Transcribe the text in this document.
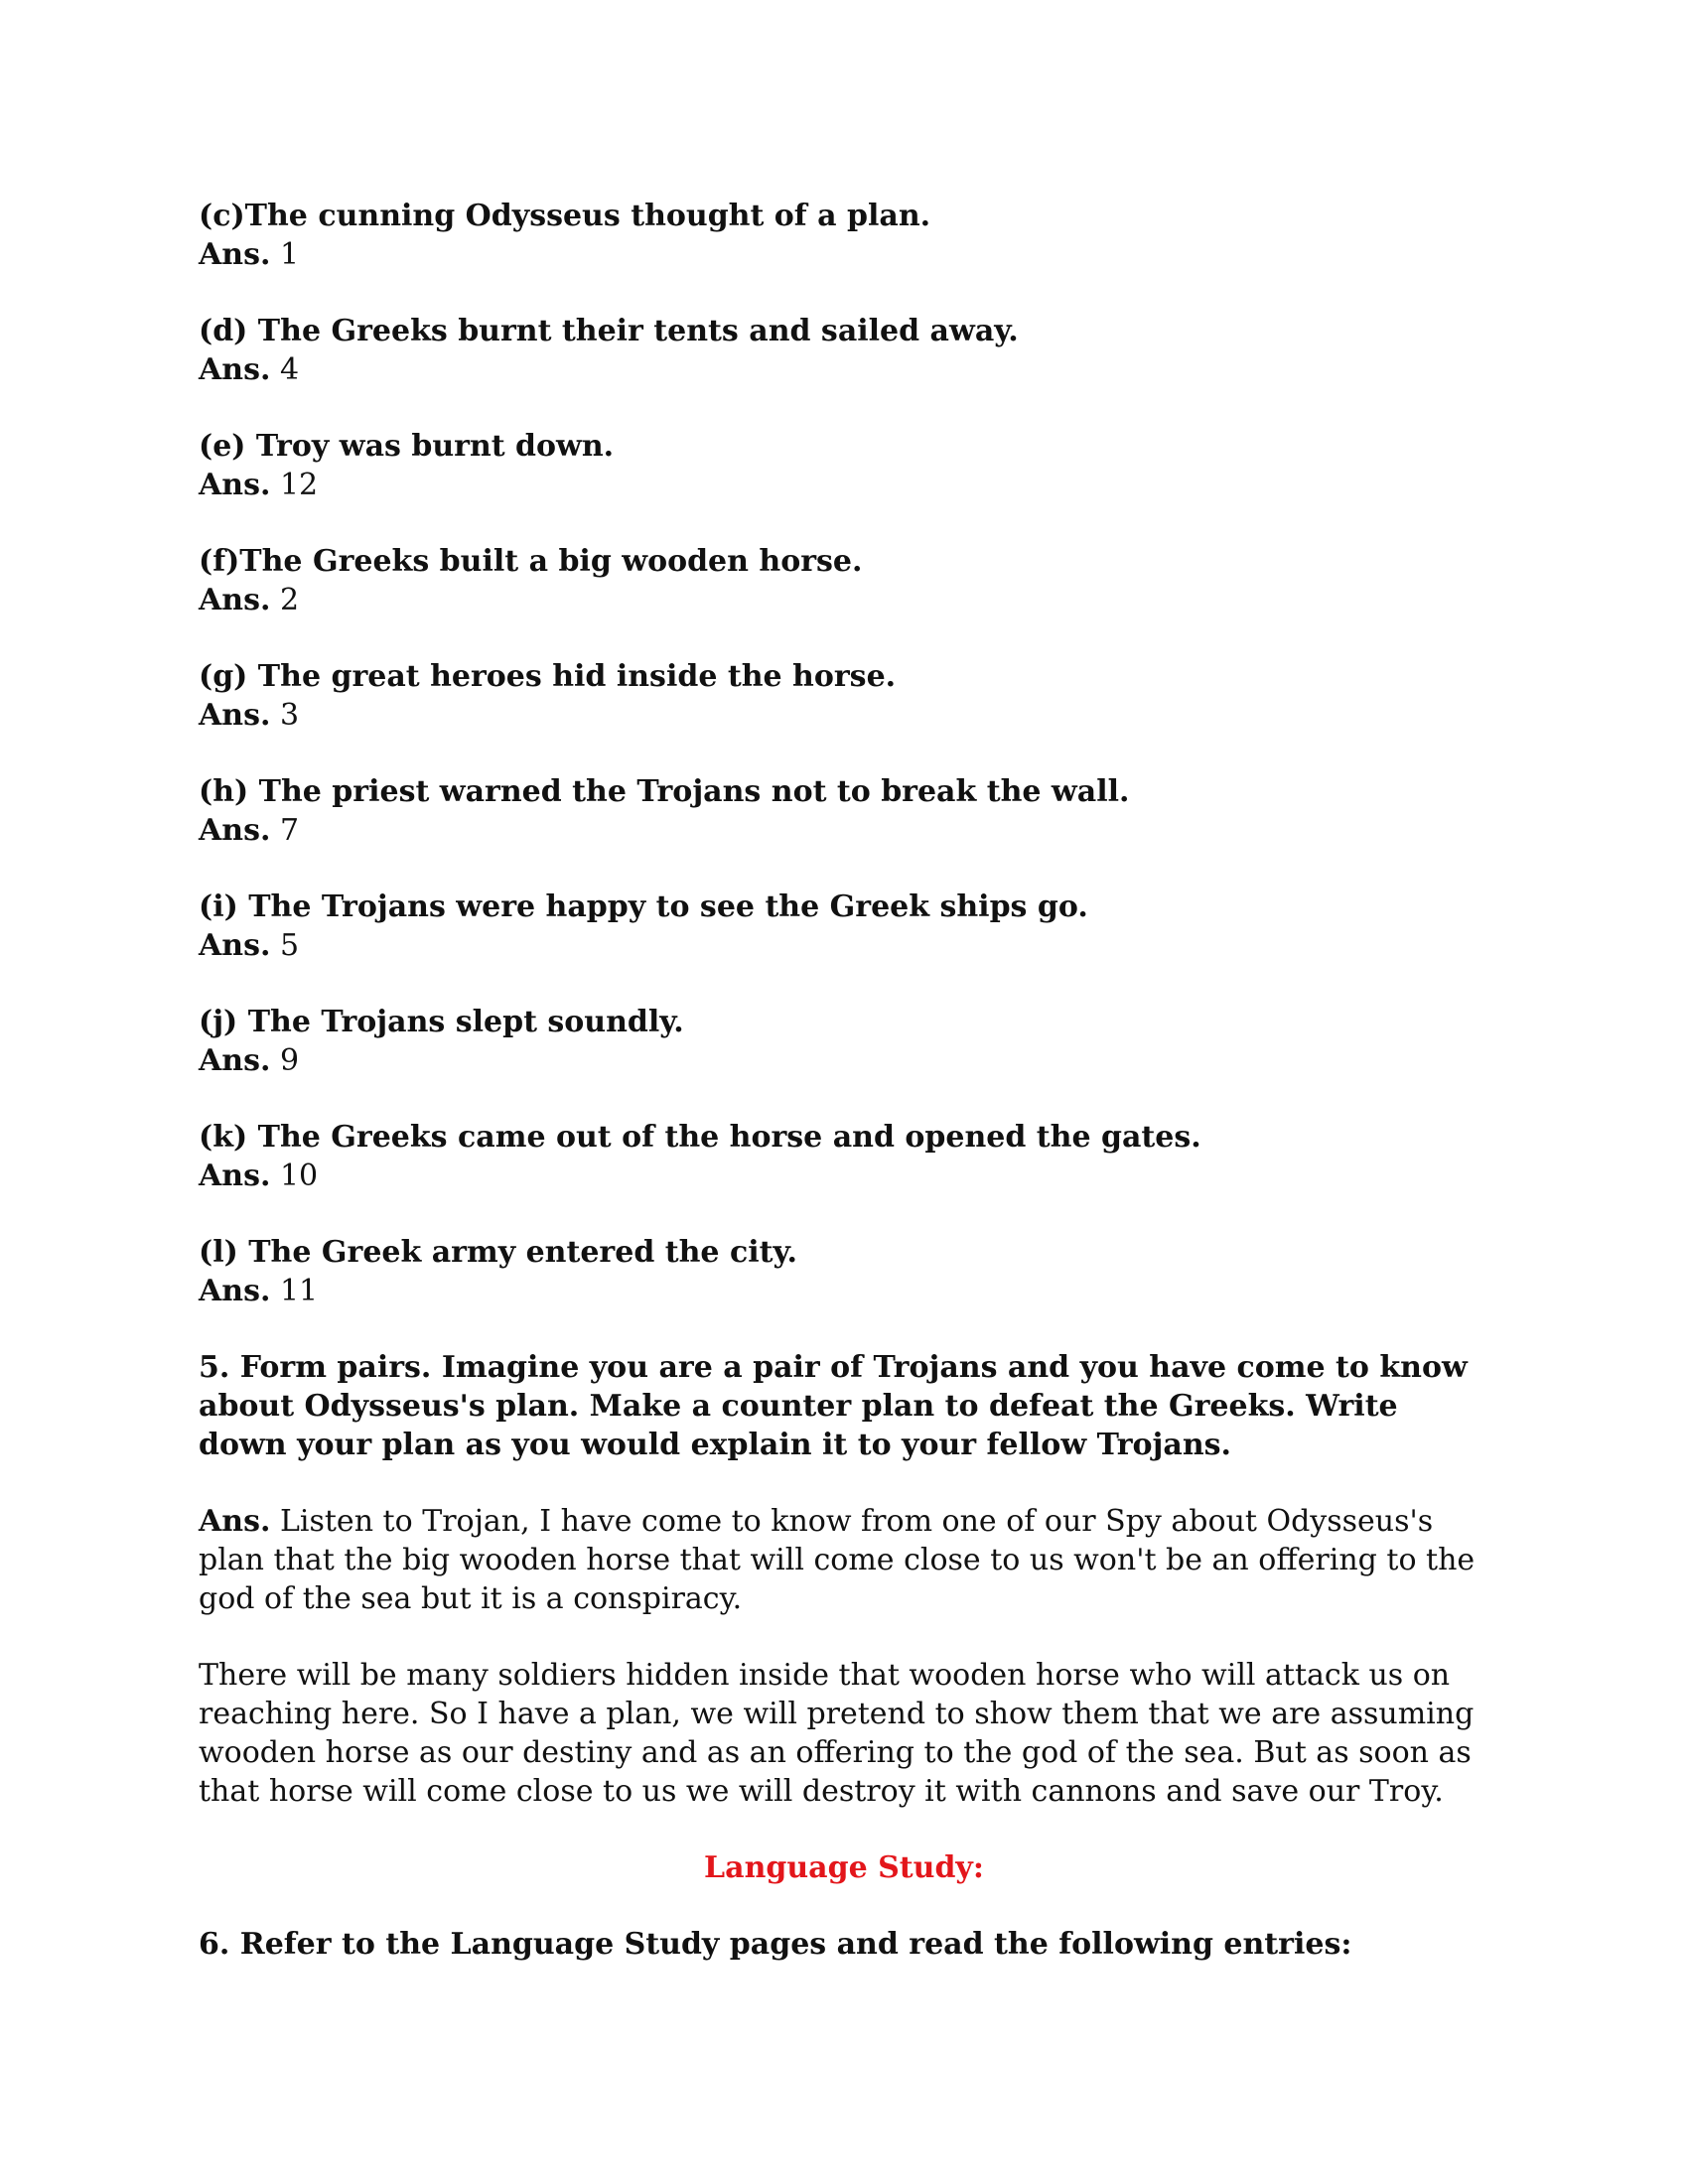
(c)The cunning Odysseus thought of a plan.

Ans. 1

(d) The Greeks burnt their tents and sailed away.

Ans. 4

(e) Troy was burnt down.

Ans. 12

(f)The Greeks built a big wooden horse.

Ans. 2

(g) The great heroes hid inside the horse.

Ans. 3

(h) The priest warned the Trojans not to break the wall.

Ans. 7

(i) The Trojans were happy to see the Greek ships go.

Ans. 5

(j) The Trojans slept soundly.

Ans. 9

(k) The Greeks came out of the horse and opened the gates.

Ans. 10

(l) The Greek army entered the city.

Ans. 11

5. Form pairs. Imagine you are a pair of Trojans and you have come to know about Odysseus's plan. Make a counter plan to defeat the Greeks. Write down your plan as you would explain it to your fellow Trojans.

Ans. Listen to Trojan, I have come to know from one of our Spy about Odysseus's plan that the big wooden horse that will come close to us won't be an offering to the god of the sea but it is a conspiracy.

There will be many soldiers hidden inside that wooden horse who will attack us on reaching here. So I have a plan, we will pretend to show them that we are assuming wooden horse as our destiny and as an offering to the god of the sea. But as soon as that horse will come close to us we will destroy it with cannons and save our Troy.

Language Study:

6. Refer to the Language Study pages and read the following entries:
